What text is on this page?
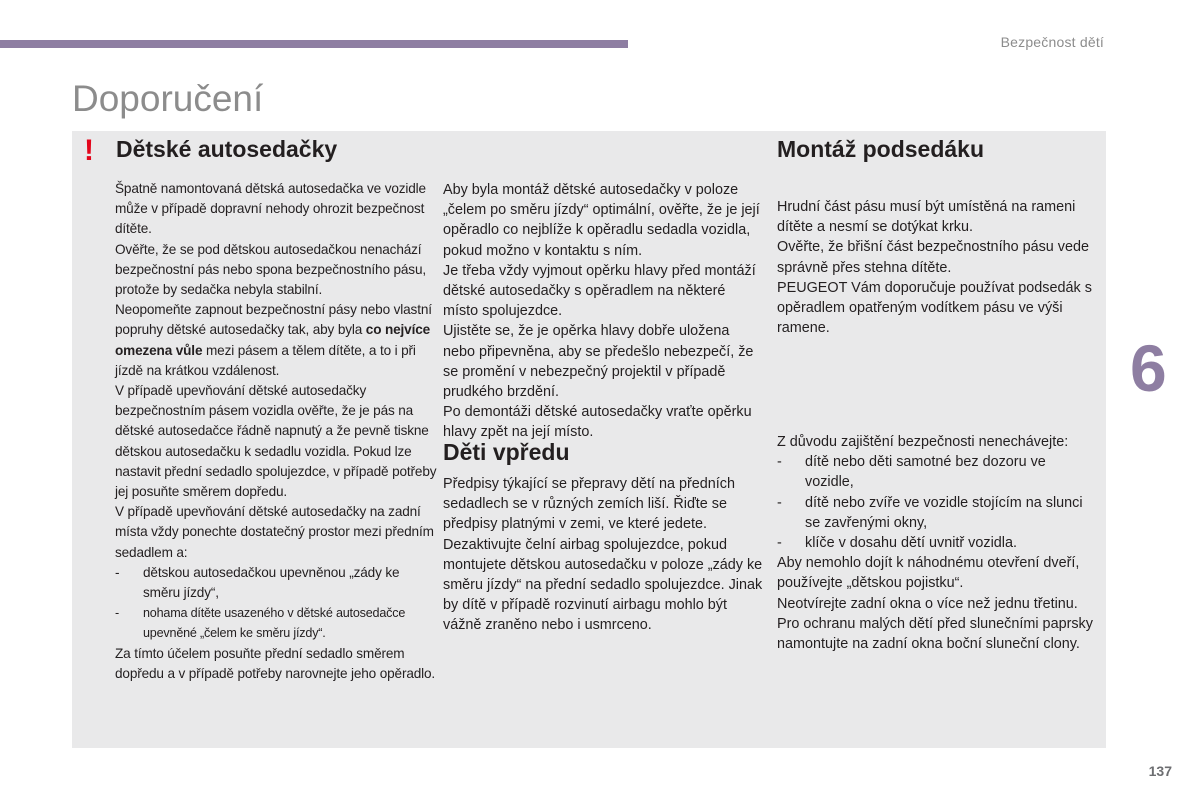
Bezpečnost dětí
Doporučení
! Dětské autosedačky

Špatně namontovaná dětská autosedačka ve vozidle může v případě dopravní nehody ohrozit bezpečnost dítěte.

Ověřte, že se pod dětskou autosedačkou nenachází bezpečnostní pás nebo spona bezpečnostního pásu, protože by sedačka nebyla stabilní.

Neopomeňte zapnout bezpečnostní pásy nebo vlastní popruhy dětské autosedačky tak, aby byla co nejvíce omezena vůle mezi pásem a tělem dítěte, a to i při jízdě na krátkou vzdálenost.

V případě upevňování dětské autosedačky bezpečnostním pásem vozidla ověřte, že je pás na dětské autosedačce řádně napnutý a že pevně tiskne dětskou autosedačku k sedadlu vozidla. Pokud lze nastavit přední sedadlo spolujezdce, v případě potřeby jej posuňte směrem dopředu.

V případě upevňování dětské autosedačky na zadní místa vždy ponechte dostatečný prostor mezi předním sedadlem a:

- dětskou autosedačkou upevněnou „zády ke směru jízdy“,
- nohama dítěte usazeného v dětské autosedačce upevněné „čelem ke směru jízdy“.

Za tímto účelem posuňte přední sedadlo směrem dopředu a v případě potřeby narovnejte jeho opěradlo.

Aby byla montáž dětské autosedačky v poloze „čelem po směru jízdy“ optimální, ověřte, že je její opěradlo co nejblíže k opěradlu sedadla vozidla, pokud možno v kontaktu s ním.

Je třeba vždy vyjmout opěrku hlavy před montáží dětské autosedačky s opěradlem na některé místo spolujezdce.

Ujistěte se, že je opěrka hlavy dobře uložena nebo připevněna, aby se předešlo nebezpečí, že se promění v nebezpečný projektil v případě prudkého brzdění.

Po demontáži dětské autosedačky vraťte opěrku hlavy zpět na její místo.

Děti vpředu

Předpisy týkající se přepravy dětí na předních sedadlech se v různých zemích liší. Řiďte se předpisy platnými v zemi, ve které jedete.

Dezaktivujte čelní airbag spolujezdce, pokud montujete dětskou autosedačku v poloze „zády ke směru jízdy“ na přední sedadlo spolujezdce. Jinak by dítě v případě rozvinutí airbagu mohlo být vážně zraněno nebo i usmrceno.

Montáž podsedáku

Hrudní část pásu musí být umístěná na rameni dítěte a nesmí se dotýkat krku.

Ověřte, že břišní část bezpečnostního pásu vede správně přes stehna dítěte.

PEUGEOT Vám doporučuje používat podsedák s opěradlem opatřeným vodítkem pásu ve výši ramene.

Z důvodu zajištění bezpečnosti nenechávejte:

- dítě nebo děti samotné bez dozoru ve vozidle,
- dítě nebo zvíře ve vozidle stojícím na slunci se zavřenými okny,
- klíče v dosahu dětí uvnitř vozidla.

Aby nemohlo dojít k náhodnému otevření dveří, používejte „dětskou pojistku“.

Neotvírejte zadní okna o více než jednu třetinu.

Pro ochranu malých dětí před slunečními paprsky namontujte na zadní okna boční sluneční clony.

6
137
